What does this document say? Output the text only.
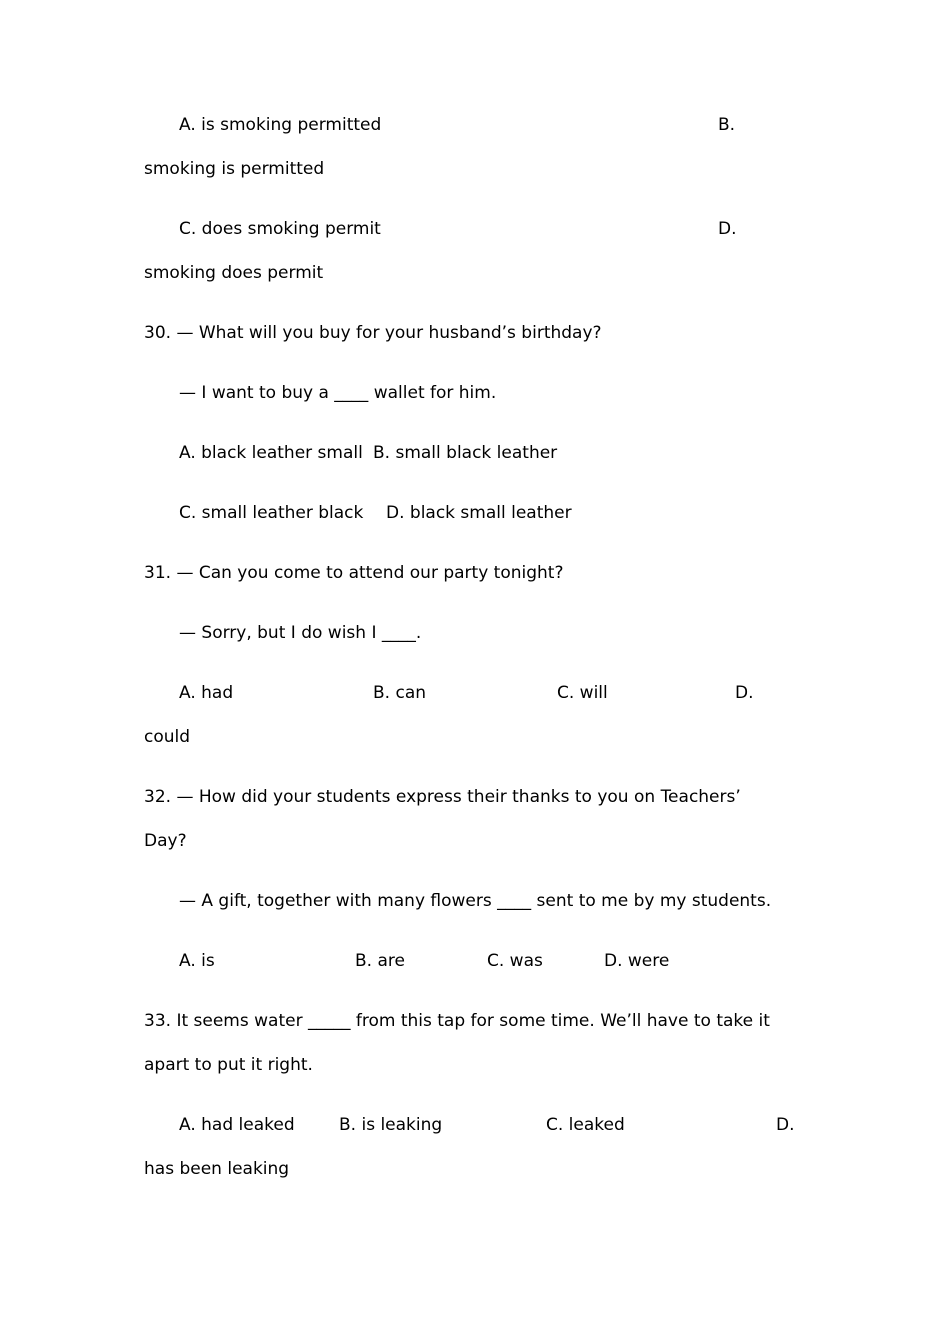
A. is smoking permitted	B.
smoking is permitted
C. does smoking permit	D.
smoking does permit
30. — What will you buy for your husband’s birthday?
— I want to buy a ____ wallet for him.
A. black leather small B. small black leather
C. small leather black D. black small leather
31. — Can you come to attend our party tonight?
— Sorry, but I do wish I ____.
A. had	B. can	C. will	D.
could
32. — How did your students express their thanks to you on Teachers’
Day?
— A gift, together with many flowers ____ sent to me by my students.
A. is	B. are	C. was	D. were
33. It seems water _____ from this tap for some time. We’ll have to take it
apart to put it right.
A. had leaked	B. is leaking	C. leaked	D.
has been leaking
